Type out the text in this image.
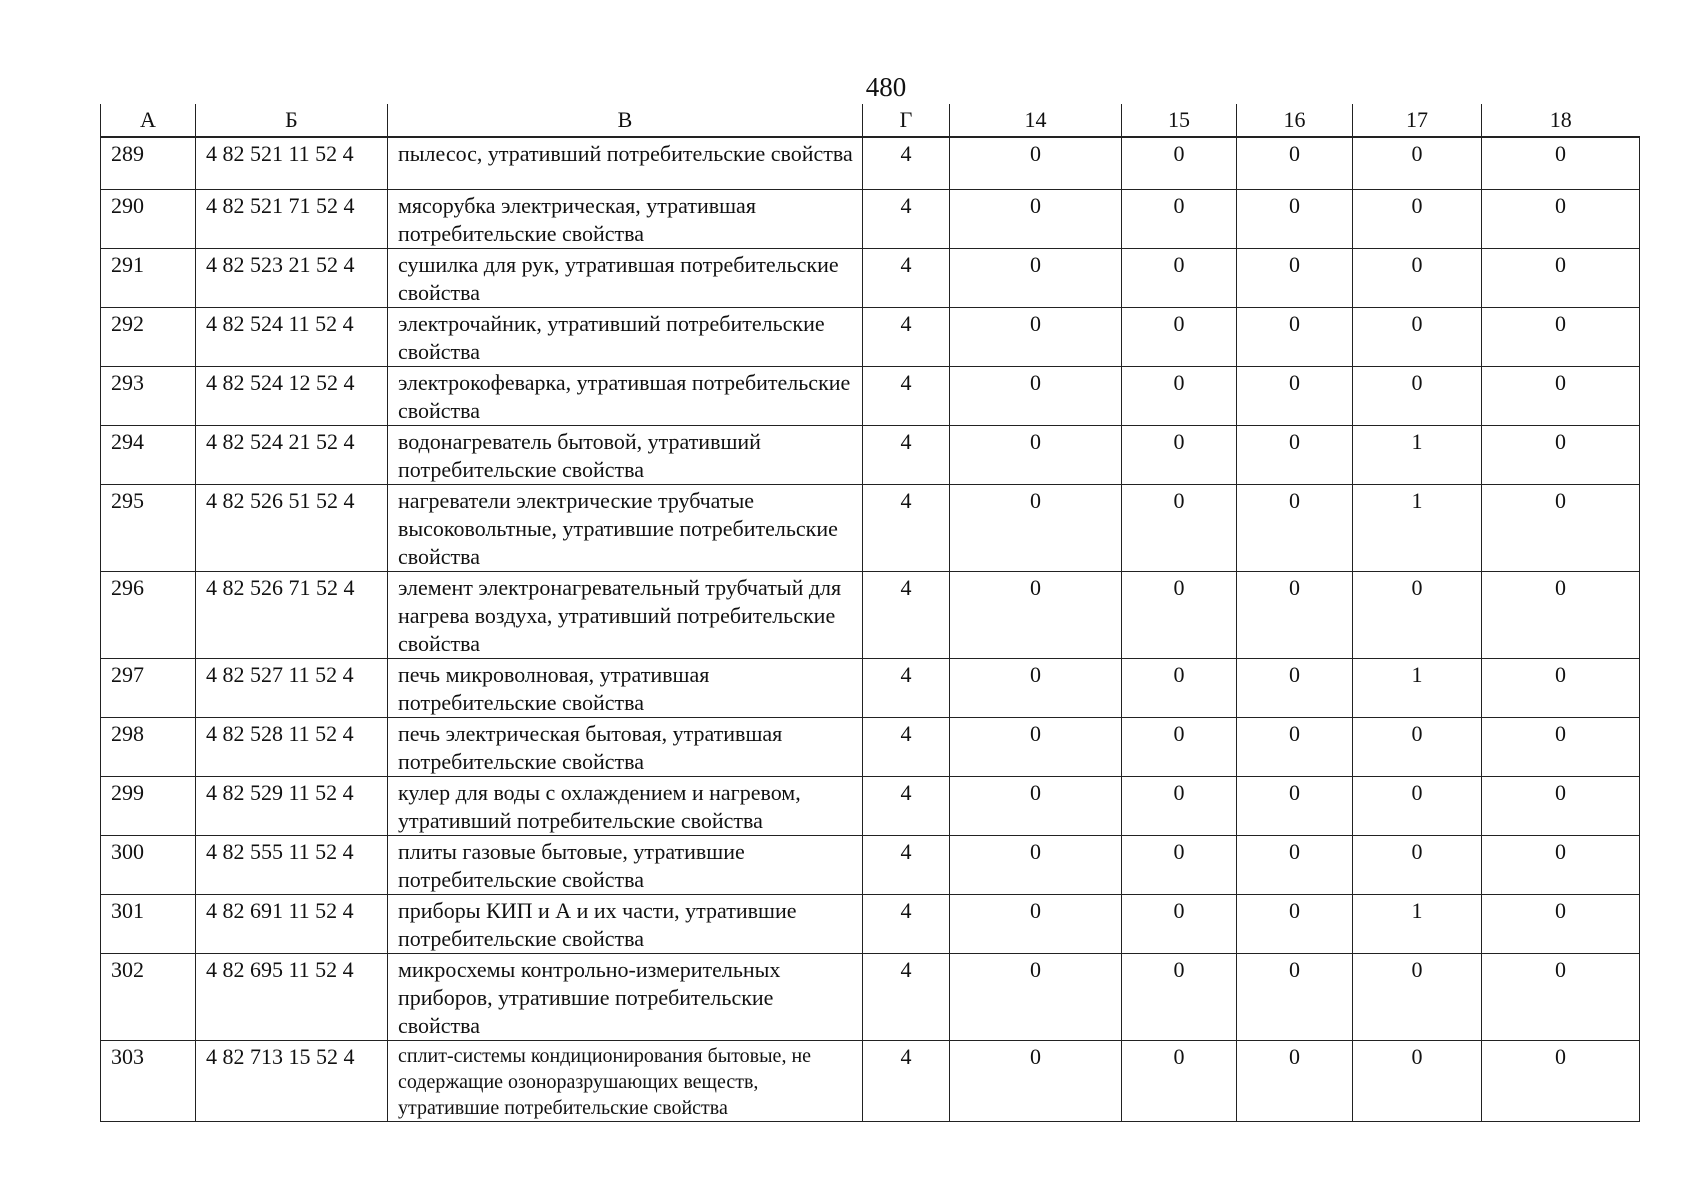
480
А	Б	В	Г	14	15	16	17	18
289	4 82 521 11 52 4	пылесос, утративший потребительские свойства	4	0	0	0	0	0
290	4 82 521 71 52 4	мясорубка электрическая, утратившая потребительские свойства	4	0	0	0	0	0
291	4 82 523 21 52 4	сушилка для рук, утратившая потребительские свойства	4	0	0	0	0	0
292	4 82 524 11 52 4	электрочайник, утративший потребительские свойства	4	0	0	0	0	0
293	4 82 524 12 52 4	электрокофеварка, утратившая потребительские свойства	4	0	0	0	0	0
294	4 82 524 21 52 4	водонагреватель бытовой, утративший потребительские свойства	4	0	0	0	1	0
295	4 82 526 51 52 4	нагреватели электрические трубчатые высоковольтные, утратившие потребительские свойства	4	0	0	0	1	0
296	4 82 526 71 52 4	элемент электронагревательный трубчатый для нагрева воздуха, утративший потребительские свойства	4	0	0	0	0	0
297	4 82 527 11 52 4	печь микроволновая, утратившая потребительские свойства	4	0	0	0	1	0
298	4 82 528 11 52 4	печь электрическая бытовая, утратившая потребительские свойства	4	0	0	0	0	0
299	4 82 529 11 52 4	кулер для воды с охлаждением и нагревом, утративший потребительские свойства	4	0	0	0	0	0
300	4 82 555 11 52 4	плиты газовые бытовые, утратившие потребительские свойства	4	0	0	0	0	0
301	4 82 691 11 52 4	приборы КИП и А и их части, утратившие потребительские свойства	4	0	0	0	1	0
302	4 82 695 11 52 4	микросхемы контрольно-измерительных приборов, утратившие потребительские свойства	4	0	0	0	0	0
303	4 82 713 15 52 4	сплит-системы кондиционирования бытовые, не содержащие озоноразрушающих веществ, утратившие потребительские свойства	4	0	0	0	0	0
